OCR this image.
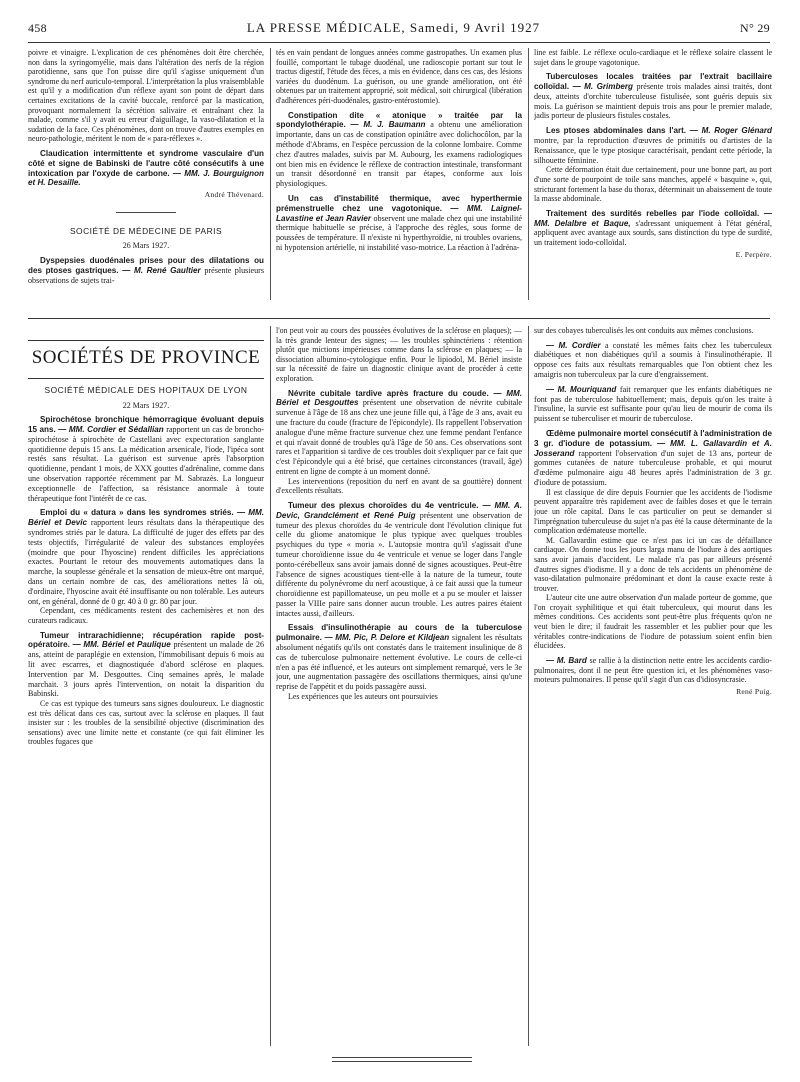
458	LA PRESSE MÉDICALE, Samedi, 9 Avril 1927	N° 29

poivre et vinaigre. L'explication de ces phénomènes doit être cherchée, non dans la syringomyélie, mais dans l'altération des nerfs de la région parotidienne, sans que l'on puisse dire qu'il s'agisse uniquement d'un syndrome du nerf auriculo-temporal. L'interprétation la plus vraisemblable est qu'il y a modification d'un réflexe ayant son point de départ dans certaines excitations de la cavité buccale, renforcé par la mastication, provoquant normalement la sécrétion salivaire et entraînant chez la malade, comme s'il y avait eu erreur d'aiguillage, la vaso-dilatation et la sudation de la face. Ces phénomènes, dont on trouve d'autres exemples en neuro-pathologie, méritent le nom de « para-réflexes ».

Claudication intermittente et syndrome vasculaire d'un côté et signe de Babinski de l'autre côté consécutifs à une intoxication par l'oxyde de carbone. — MM. J. Bourguignon et H. Desaille.
André Thévenard.
SOCIÉTÉ DE MÉDECINE DE PARIS
26 Mars 1927.
Dyspepsies duodénales prises pour des dilatations ou des ptoses gastriques. — M. René Gaultier présente plusieurs observations de sujets trai-

tés en vain pendant de longues années comme gastropathes. Un examen plus fouillé, comportant le tubage duodénal, une radioscopie portant sur tout le tractus digestif, l'étude des fèces, a mis en évidence, dans ces cas, des lésions variées du duodénum. La guérison, ou une grande amélioration, ont été obtenues par un traitement approprié, soit médical, soit chirurgical (libération d'adhérences péri-duodénales, gastro-entérostomie).

Constipation dite « atonique » traitée par la spondylothérapie. — M. J. Baumann a obtenu une amélioration importante, dans un cas de constipation opiniâtre avec dolichocôlon, par la méthode d'Abrams, en l'espèce percussion de la colonne lombaire. Comme chez d'autres malades, suivis par M. Aubourg, les examens radiologiques ont bien mis en évidence le réflexe de contraction intestinale, transformant un transit désordonné en transit par étapes, conforme aux lois physiologiques.
Un cas d'instabilité thermique, avec hyperthermie prémenstruelle chez une vagotonique. — MM. Laignel-Lavastine et Jean Ravier observent une malade chez qui une instabilité thermique habituelle se précise, à l'approche des règles, sous forme de poussées de température. Il n'existe ni hyperthyroïdie, ni troubles ovariens, ni hypotension artérielle, ni instabilité vaso-motrice. La réaction à l'adréna-

line est faible. Le réflexe oculo-cardiaque et le réflexe solaire classent le sujet dans le groupe vagotonique.

Tuberculoses locales traitées par l'extrait bacillaire colloïdal. — M. Grimberg présente trois malades ainsi traités, dont deux, atteints d'orchite tuberculeuse fistulisée, sont guéris depuis six mois. La guérison se maintient depuis trois ans pour le premier malade, jadis porteur de plusieurs fistules costales.
Les ptoses abdominales dans l'art. — M. Roger Glénard montre, par la reproduction d'œuvres de primitifs ou d'artistes de la Renaissance, que le type ptosique caractérisait, pendant cette période, la silhouette féminine.

Cette déformation était due certainement, pour une bonne part, au port d'une sorte de pourpoint de toile sans manches, appelé « basquine », qui, stricturant fortement la base du thorax, déterminait un abaissement de toute la masse abdominale.

Traitement des surdités rebelles par l'iode colloïdal. — MM. Delalbre et Baque, s'adressant uniquement à l'état général, appliquent avec avantage aux sourds, sans distinction du type de surdité, un traitement iodo-colloïdal.
E. Perpère.
SOCIÉTÉS DE PROVINCE
SOCIÉTÉ MÉDICALE DES HOPITAUX DE LYON
22 Mars 1927.
Spirochétose bronchique hémorragique évoluant depuis 15 ans. — MM. Cordier et Sédallian rapportent un cas de broncho-spirochétose à spirochète de Castellani avec expectoration sanglante quotidienne depuis 15 ans. La médication arsenicale, l'iode, l'ipéca sont restés sans résultat. La guérison est survenue après l'absorption quotidienne, pendant 1 mois, de XXX gouttes d'adrénaline, comme dans une observation rapportée récemment par M. Sabrazès. La longueur exceptionnelle de l'affection, sa résistance anormale à toute thérapeutique font l'intérêt de ce cas.
Emploi du « datura » dans les syndromes striés. — MM. Bériel et Devic rapportent leurs résultats dans la thérapeutique des syndromes striés par le datura. La difficulté de juger des effets par des tests objectifs, l'irrégularité de valeur des substances employées (moindre que pour l'hyoscine) rendent difficiles les appréciations exactes. Pourtant le retour des mouvements automatiques dans la marche, la souplesse générale et la sensation de mieux-être ont marqué, dans un certain nombre de cas, des améliorations nettes là où, d'ordinaire, l'hyoscine avait été insuffisante ou non tolérable. Les auteurs ont, en général, donné de 0 gr. 40 à 0 gr. 80 par jour.

Cependant, ces médicaments restent des cachemisères et non des curateurs radicaux.

Tumeur intrarachidienne; récupération rapide post-opératoire. — MM. Bériel et Paulique présentent un malade de 26 ans, atteint de paraplégie en extension, l'immobilisant depuis 6 mois au lit avec escarres, et diagnostiquée d'abord sclérose en plaques. Intervention par M. Desgouttes. Cinq semaines après, le malade marchait. 3 jours après l'intervention, on notait la disparition du Babinski.

Ce cas est typique des tumeurs sans signes douloureux. Le diagnostic est très délicat dans ces cas, surtout avec la sclérose en plaques. Il faut insister sur : les troubles de la sensibilité objective (discrimination des sensations) avec une limite nette et constante (ce qui fait éliminer les troubles fugaces que

l'on peut voir au cours des poussées évolutives de la sclérose en plaques); — la très grande lenteur des signes; — les troubles sphinctériens : rétention plutôt que mictions impérieuses comme dans la sclérose en plaques; — la dissociation albumino-cytologique enfin. Pour le lipiodol, M. Bériel insiste sur la nécessité de faire un diagnostic clinique avant de procéder à cette exploration.

Névrite cubitale tardive après fracture du coude. — MM. Bériel et Desgouttes présentent une observation de névrite cubitale survenue à l'âge de 18 ans chez une jeune fille qui, à l'âge de 3 ans, avait eu une fracture du coude (fracture de l'épicondyle). Ils rappellent l'observation analogue d'une même fracture survenue chez une femme pendant l'enfance et qui n'avait donné de troubles qu'à l'âge de 50 ans. Ces observations sont rares et l'apparition si tardive de ces troubles doit s'expliquer par ce fait que c'est l'épicondyle qui a été brisé, que certaines circonstances (travail, âge) entrent en ligne de compte à un moment donné.

Les interventions (reposition du nerf en avant de sa gouttière) donnent d'excellents résultats.

Tumeur des plexus choroïdes du 4e ventricule. — MM. A. Devic, Grandclément et René Puig présentent une observation de tumeur des plexus choroïdes du 4e ventricule dont l'évolution clinique fut celle du gliome anatomique le plus typique avec quelques troubles psychiques du type « moria ». L'autopsie montra qu'il s'agissait d'une tumeur choroïdienne issue du 4e ventricule et venue se loger dans l'angle ponto-cérébelleux sans avoir jamais donné de signes acoustiques. Peut-être l'absence de signes acoustiques tient-elle à la nature de la tumeur, toute différente du polynévrome du nerf acoustique, à ce fait aussi que la tumeur choroïdienne est papillomateuse, un peu molle et a pu se mouler et laisser passer la VIIIe paire sans donner aucun trouble. Les autres paires étaient intactes aussi, d'ailleurs.
Essais d'insulinothérapie au cours de la tuberculose pulmonaire. — MM. Pic, P. Delore et Kildjean signalent les résultats absolument négatifs qu'ils ont constatés dans le traitement insulinique de 8 cas de tuberculose pulmonaire nettement évolutive. Le cours de celle-ci n'en a pas été influencé, et les auteurs ont simplement remarqué, vers le 3e jour, une augmentation passagère des oscillations thermiques, ainsi qu'une reprise de l'appétit et du poids passagère aussi.

Les expériences que les auteurs ont poursuivies

sur des cobayes tuberculisés les ont conduits aux mêmes conclusions.

— M. Cordier a constaté les mêmes faits chez les tuberculeux diabétiques et non diabétiques qu'il a soumis à l'insulinothérapie. Il oppose ces faits aux résultats remarquables que l'on obtient chez les amaigris non tuberculeux par la cure d'engraissement.
— M. Mouriquand fait remarquer que les enfants diabétiques ne font pas de tuberculose habituellement; mais, depuis qu'on les traite à l'insuline, la survie est suffisante pour qu'au lieu de mourir de coma ils puissent se tuberculiser et mourir de tuberculose.
Œdème pulmonaire mortel consécutif à l'administration de 3 gr. d'iodure de potassium. — MM. L. Gallavardin et A. Josserand rapportent l'observation d'un sujet de 13 ans, porteur de gommes cutanées de nature tuberculeuse probable, et qui mourut d'œdème pulmonaire aigu 48 heures après l'administration de 3 gr. d'iodure de potassium.

Il est classique de dire depuis Fournier que les accidents de l'iodisme peuvent apparaître très rapidement avec de faibles doses et que le terrain joue un rôle capital. Dans le cas particulier on peut se demander si l'imprégnation tuberculeuse du sujet n'a pas été la cause déterminante de la complication œdémateuse mortelle.

M. Gallavardin estime que ce n'est pas ici un cas de défaillance cardiaque. On donne tous les jours larga manu de l'iodure à des aortiques sans avoir jamais d'accident. Le malade n'a pas par ailleurs présenté d'autres signes d'iodisme. Il y a donc de tels accidents un phénomène de vaso-dilatation pulmonaire prédominant et dont la cause exacte reste à trouver.

L'auteur cite une autre observation d'un malade porteur de gomme, que l'on croyait syphilitique et qui était tuberculeux, qui mourut dans les mêmes conditions. Ces accidents sont peut-être plus fréquents qu'on ne veut bien le dire; il faudrait les rassembler et les publier pour que les véritables contre-indications de l'iodure de potassium soient enfin bien élucidées.

— M. Bard se rallie à la distinction nette entre les accidents cardio-pulmonaires, dont il ne peut être question ici, et les phénomènes vaso-moteurs pulmonaires. Il pense qu'il s'agit d'un cas d'idiosyncrasie.
René Puig.
